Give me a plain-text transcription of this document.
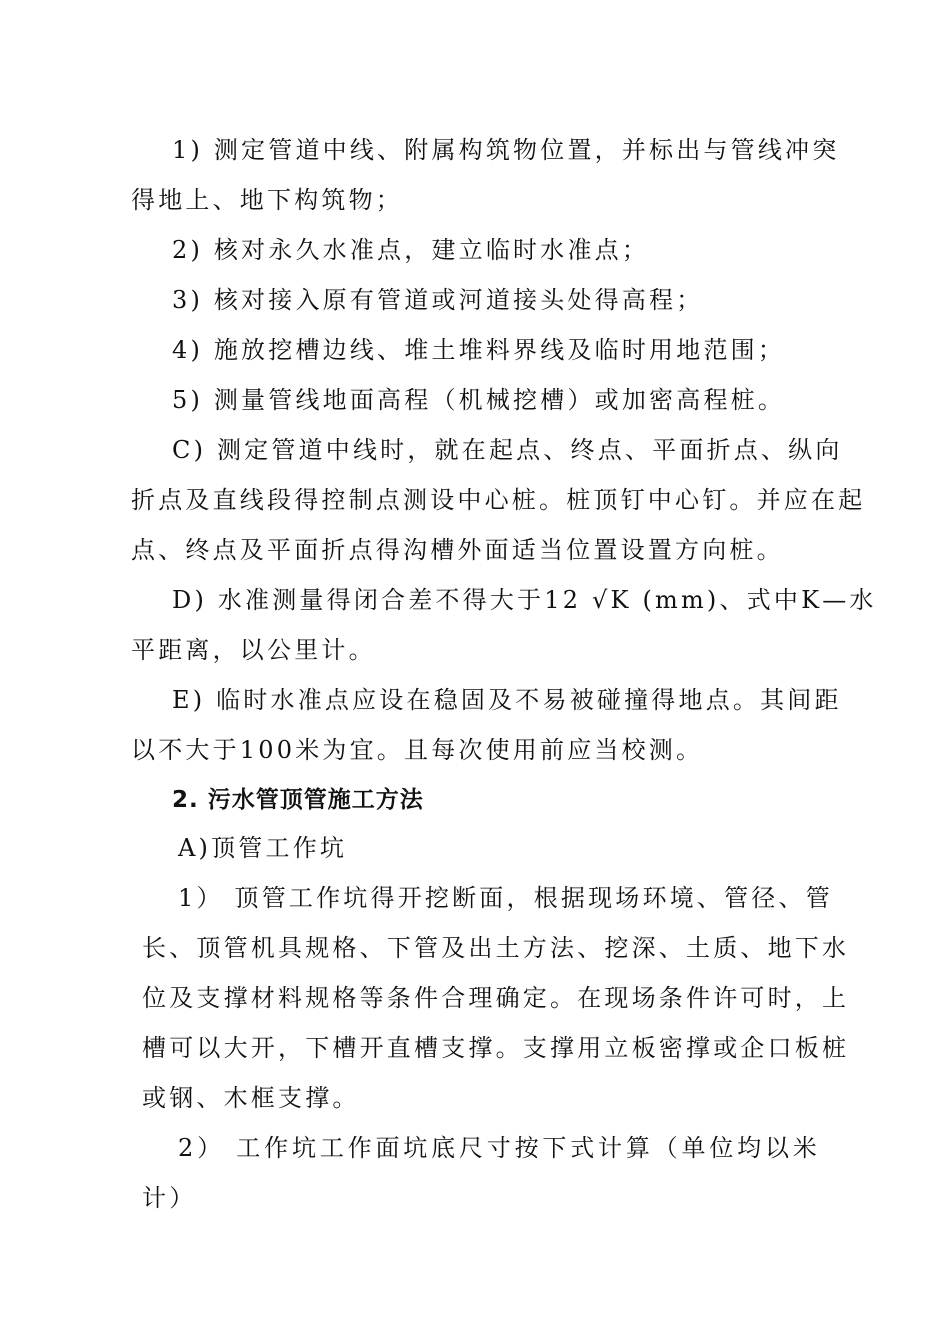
1) 测定管道中线、附属构筑物位置，并标出与管线冲突
得地上、地下构筑物；
2) 核对永久水准点，建立临时水准点；
3) 核对接入原有管道或河道接头处得高程；
4) 施放挖槽边线、堆土堆料界线及临时用地范围；
5) 测量管线地面高程（机械挖槽）或加密高程桩。
C) 测定管道中线时，就在起点、终点、平面折点、纵向
折点及直线段得控制点测设中心桩。桩顶钉中心钉。并应在起
点、终点及平面折点得沟槽外面适当位置设置方向桩。
D) 水准测量得闭合差不得大于12 √K (mm)、式中K—水
平距离，以公里计。
E) 临时水准点应设在稳固及不易被碰撞得地点。其间距
以不大于100米为宜。且每次使用前应当校测。
2. 污水管顶管施工方法
A)顶管工作坑
1） 顶管工作坑得开挖断面，根据现场环境、管径、管
长、顶管机具规格、下管及出土方法、挖深、土质、地下水
位及支撑材料规格等条件合理确定。在现场条件许可时，上
槽可以大开，下槽开直槽支撑。支撑用立板密撑或企口板桩
或钢、木框支撑。
2） 工作坑工作面坑底尺寸按下式计算（单位均以米
计）
